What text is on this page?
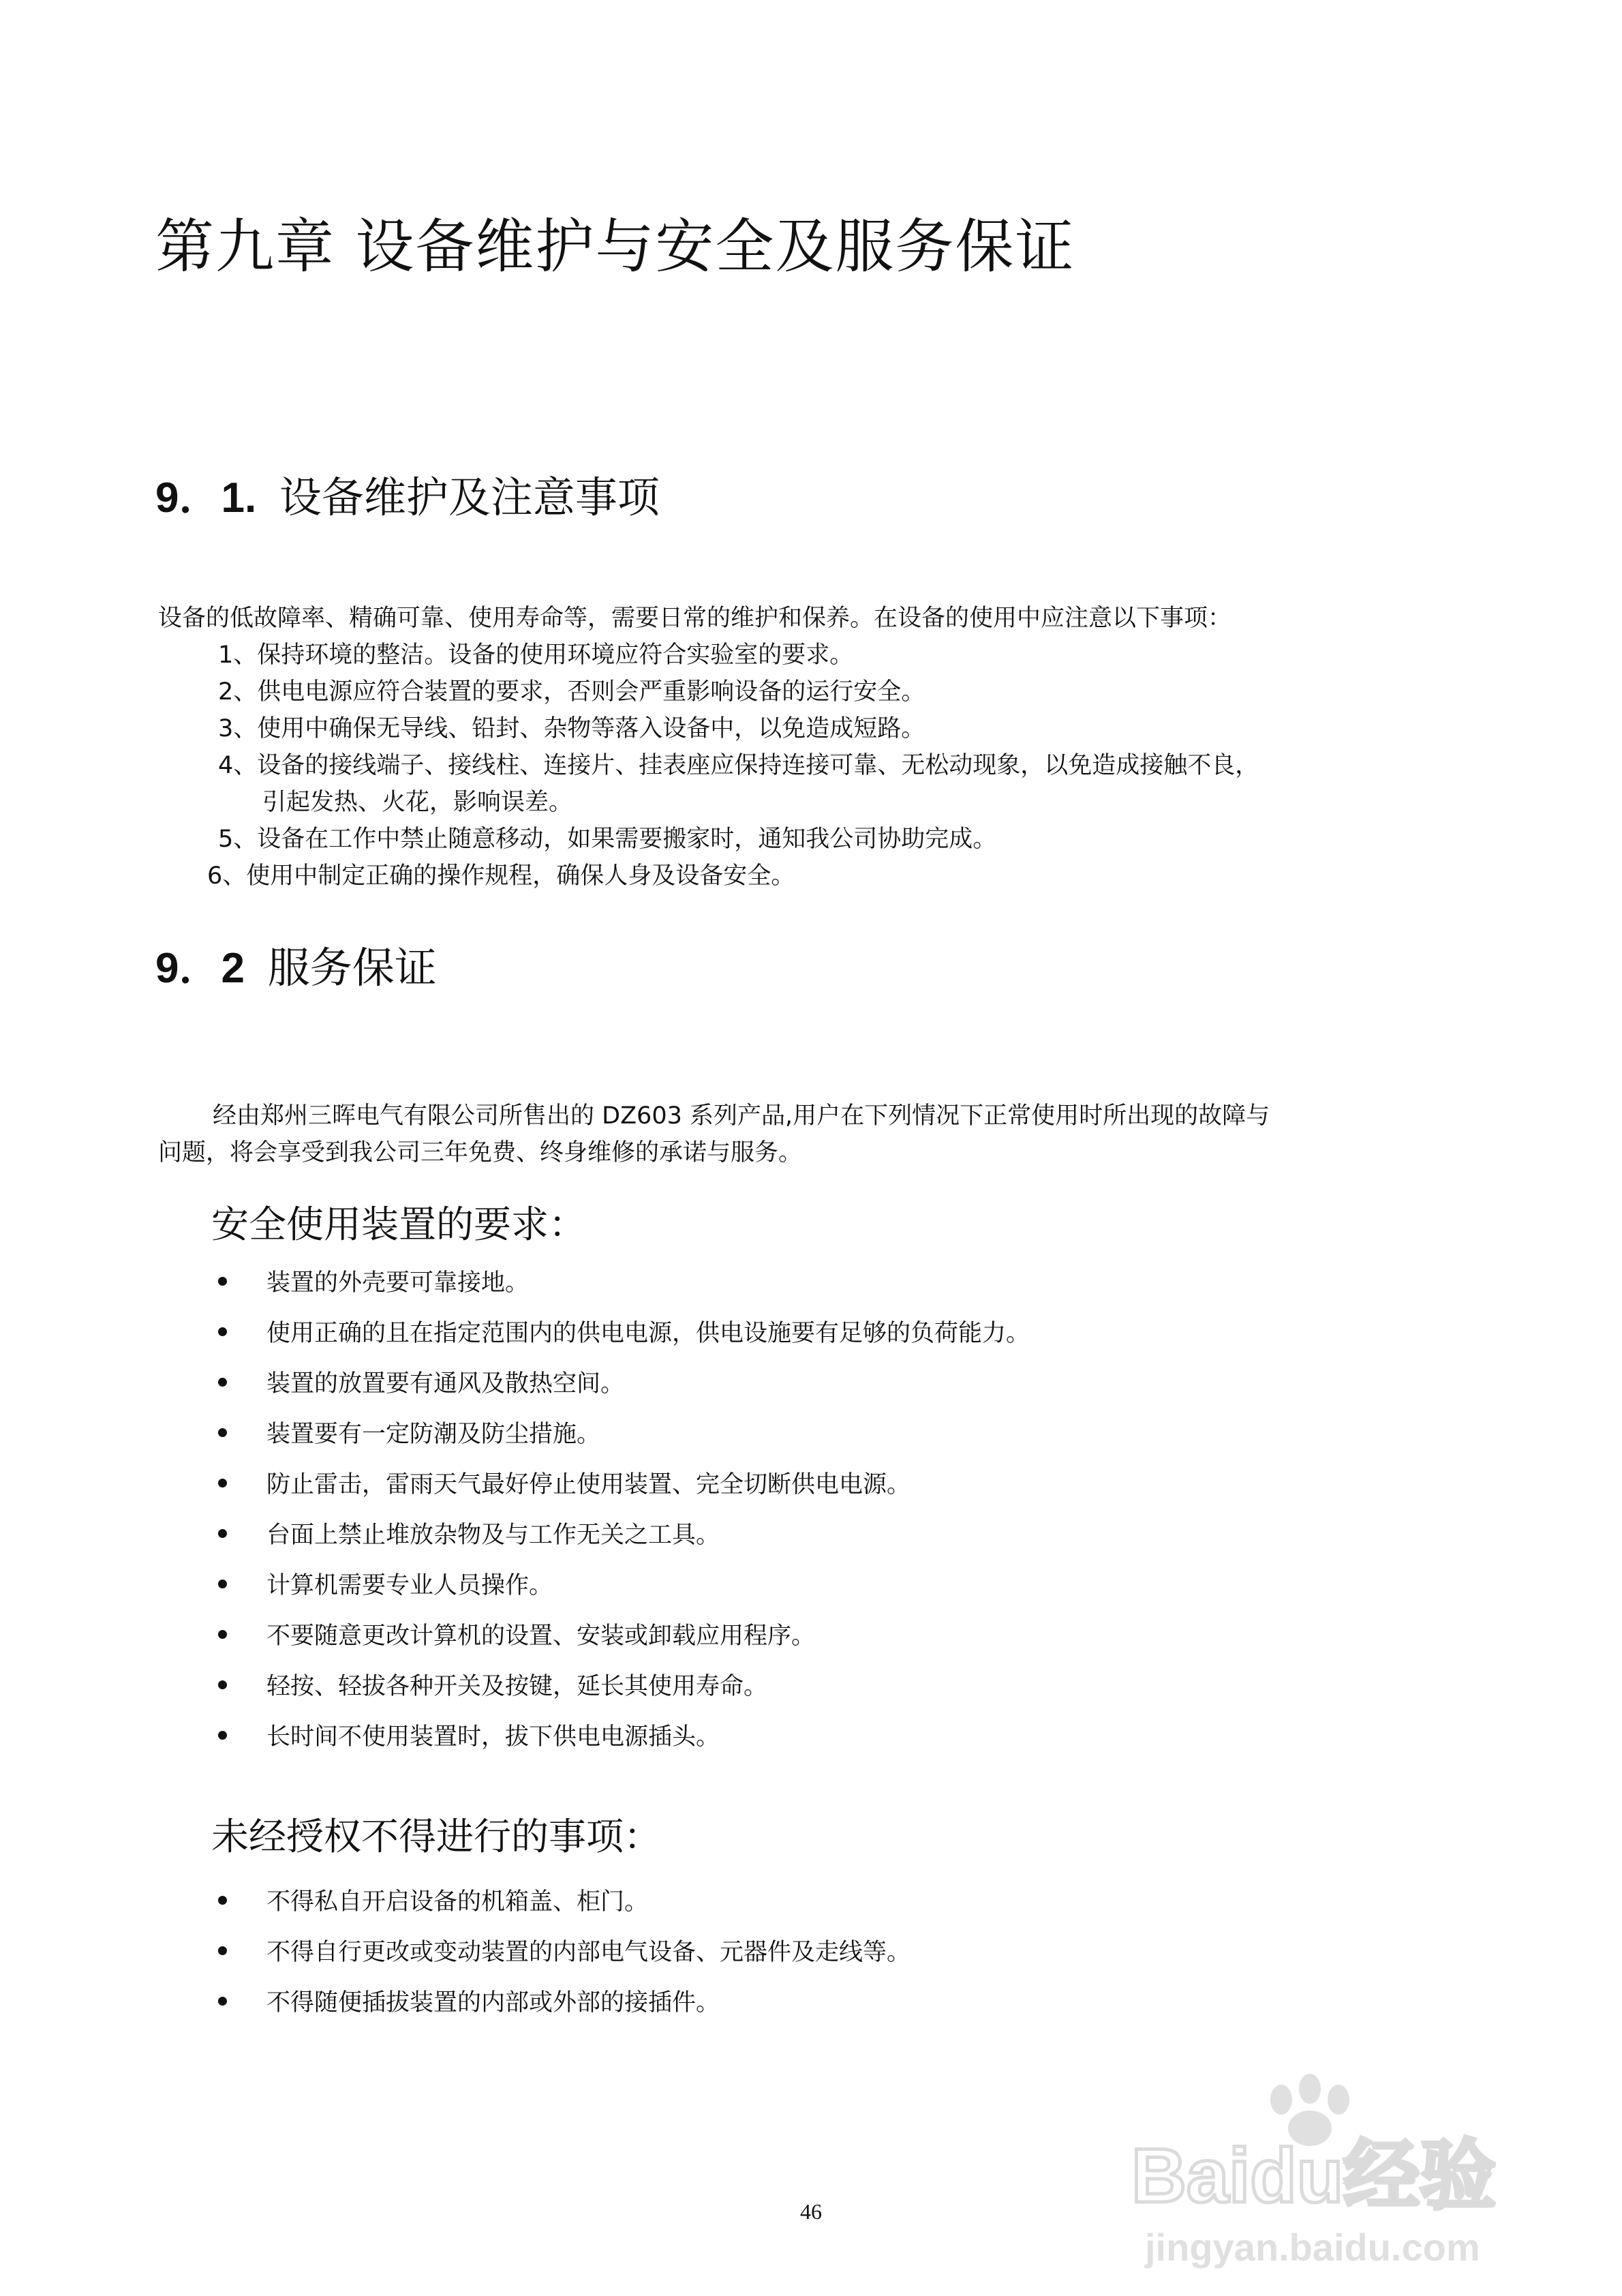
第九章 设备维护与安全及服务保证
9．1. 设备维护及注意事项
设备的低故障率、精确可靠、使用寿命等，需要日常的维护和保养。在设备的使用中应注意以下事项：
1、保持环境的整洁。设备的使用环境应符合实验室的要求。
2、供电电源应符合装置的要求，否则会严重影响设备的运行安全。
3、使用中确保无导线、铅封、杂物等落入设备中，以免造成短路。
4、设备的接线端子、接线柱、连接片、挂表座应保持连接可靠、无松动现象，以免造成接触不良，
引起发热、火花，影响误差。
5、设备在工作中禁止随意移动，如果需要搬家时，通知我公司协助完成。
6、使用中制定正确的操作规程，确保人身及设备安全。
9．2 服务保证
经由郑州三晖电气有限公司所售出的 DZ603 系列产品,用户在下列情况下正常使用时所出现的故障与
问题，将会享受到我公司三年免费、终身维修的承诺与服务。
安全使用装置的要求：
装置的外壳要可靠接地。
使用正确的且在指定范围内的供电电源，供电设施要有足够的负荷能力。
装置的放置要有通风及散热空间。
装置要有一定防潮及防尘措施。
防止雷击，雷雨天气最好停止使用装置、完全切断供电电源。
台面上禁止堆放杂物及与工作无关之工具。
计算机需要专业人员操作。
不要随意更改计算机的设置、安装或卸载应用程序。
轻按、轻拔各种开关及按键，延长其使用寿命。
长时间不使用装置时，拔下供电电源插头。
未经授权不得进行的事项：
不得私自开启设备的机箱盖、柜门。
不得自行更改或变动装置的内部电气设备、元器件及走线等。
不得随便插拔装置的内部或外部的接插件。
46	Baidu经验
jingyan.baidu.com
